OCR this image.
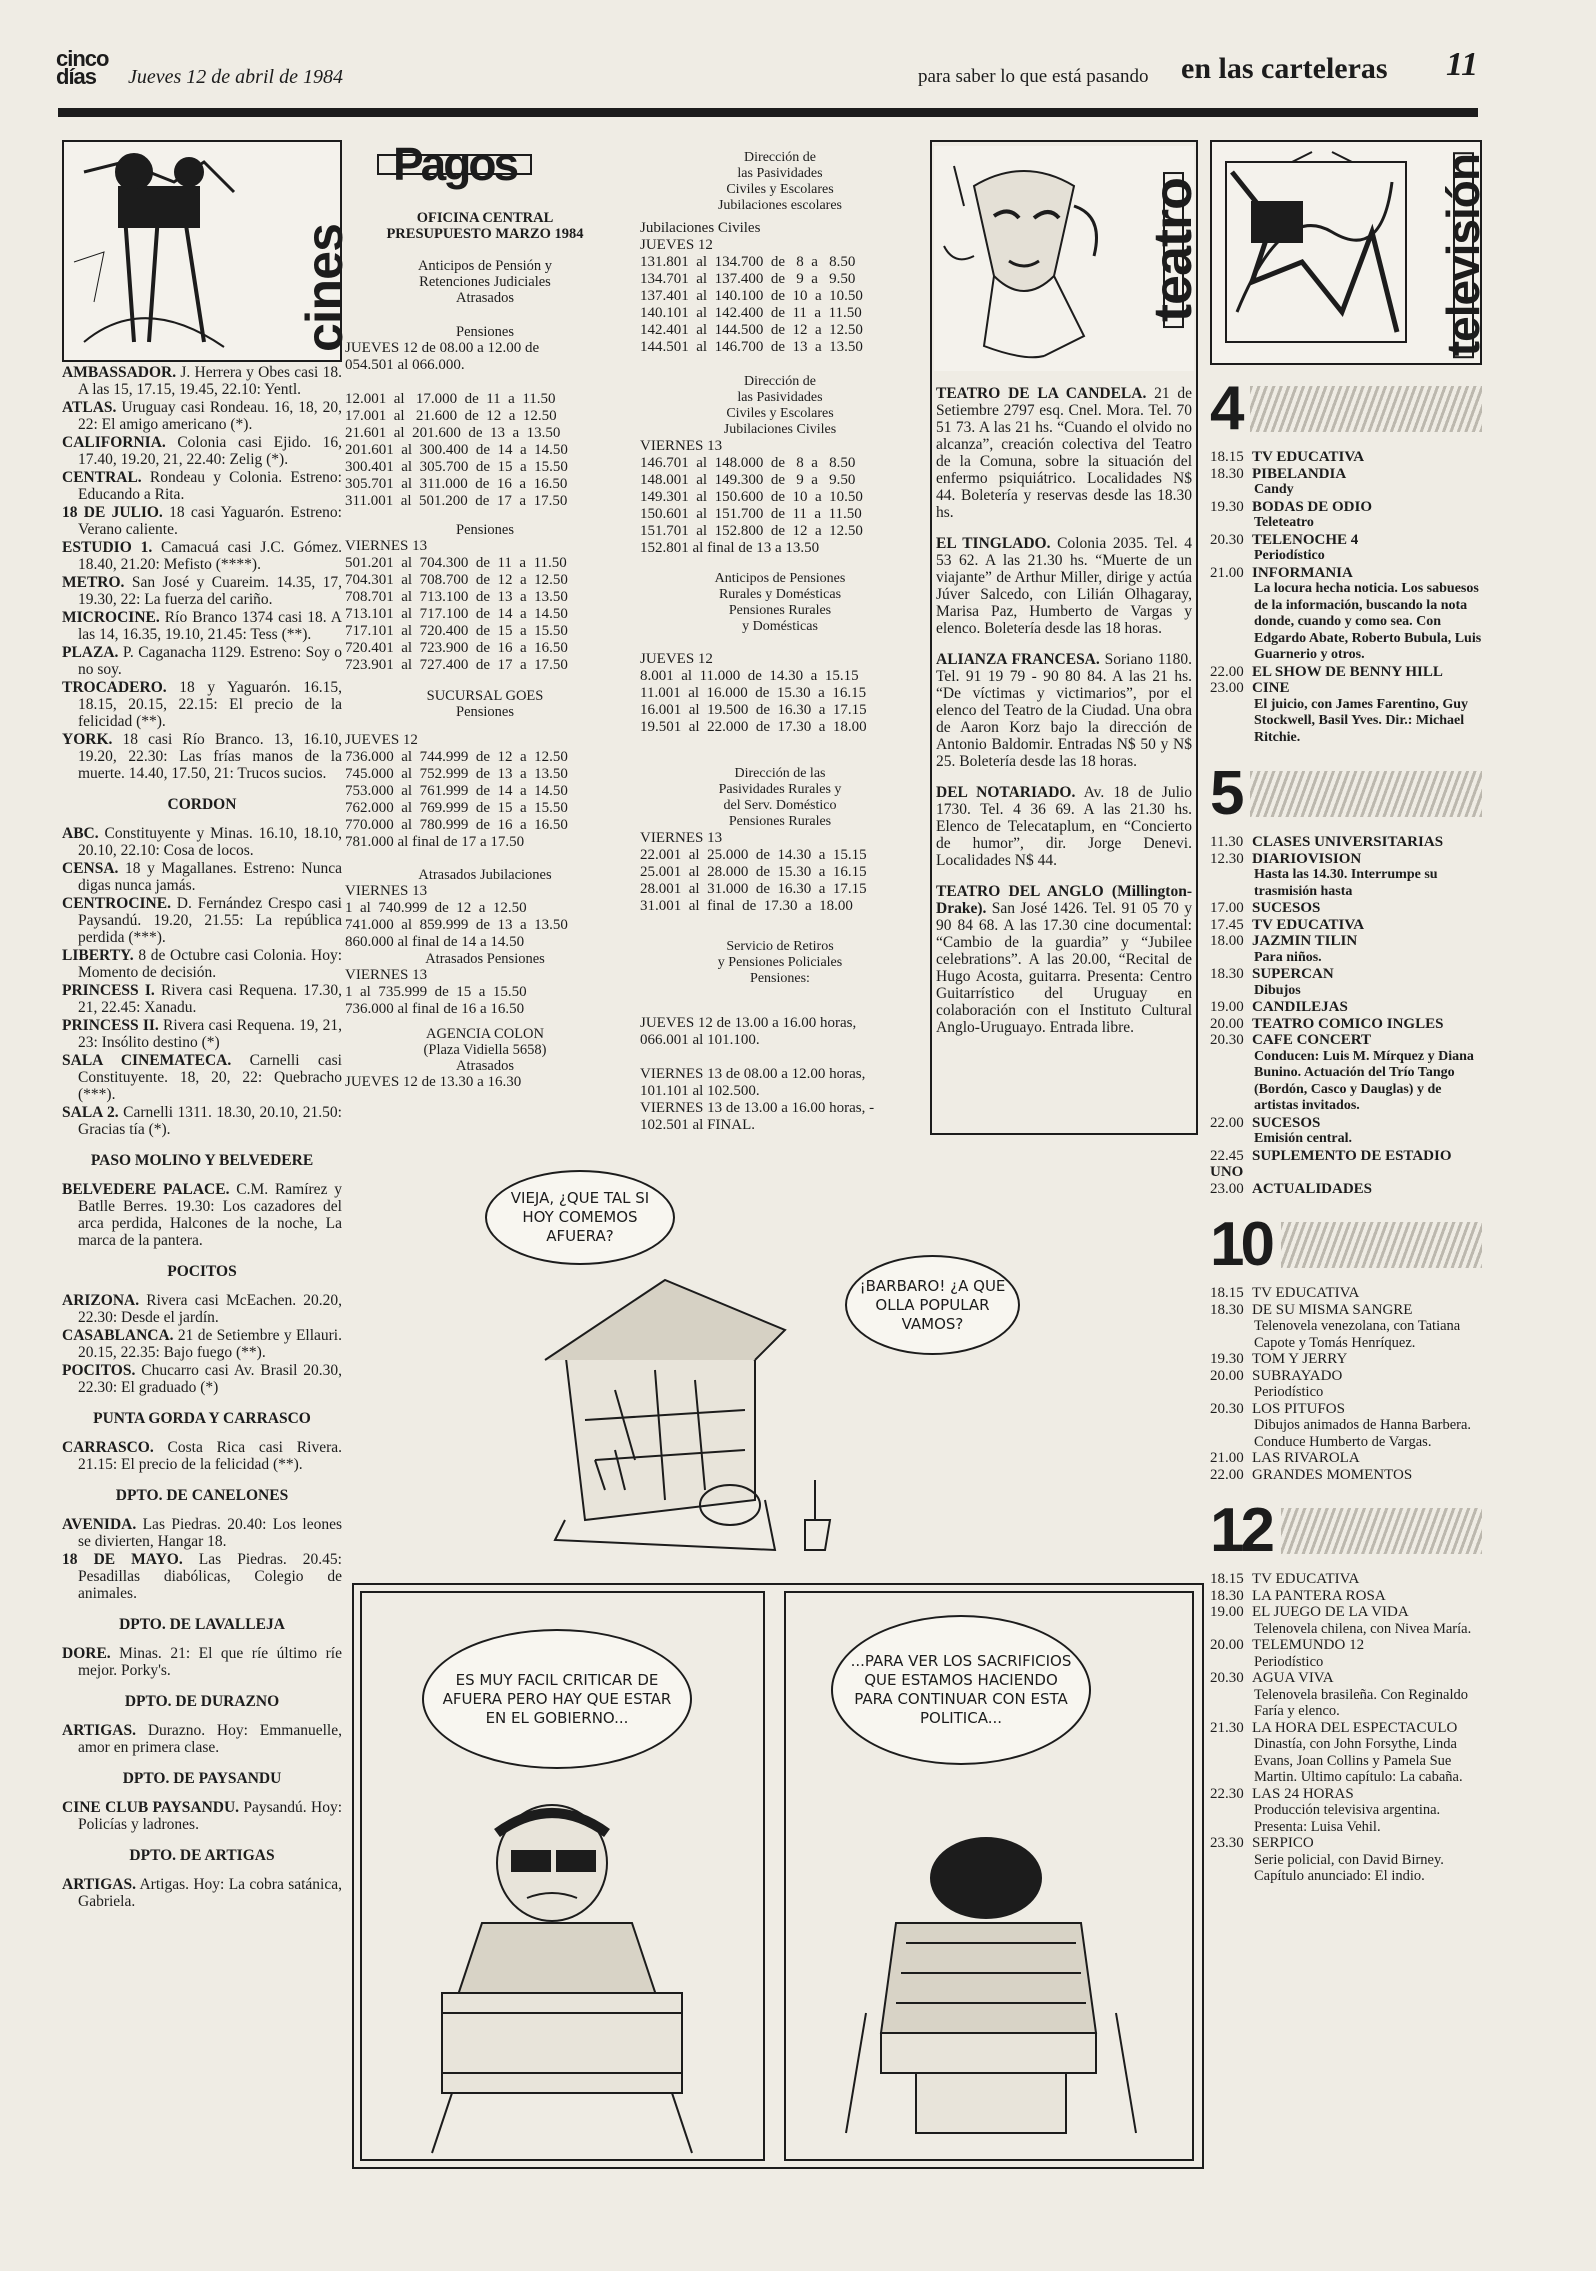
cinco
días	Jueves 12 de abril de 1984	para saber lo que está pasando en las carteleras 11
cines
AMBASSADOR. J. Herrera y Obes casi 18. A las 15, 17.15, 19.45, 22.10: Yentl.
ATLAS. Uruguay casi Rondeau. 16, 18, 20, 22: El amigo americano (*).
CALIFORNIA. Colonia casi Ejido. 16, 17.40, 19.20, 21, 22.40: Zelig (*).
CENTRAL. Rondeau y Colonia. Estreno: Educando a Rita.
18 DE JULIO. 18 casi Yaguarón. Estreno: Verano caliente.
ESTUDIO 1. Camacuá casi J.C. Gómez. 18.40, 21.20: Mefisto (****).
METRO. San José y Cuareim. 14.35, 17, 19.30, 22: La fuerza del cariño.
MICROCINE. Río Branco 1374 casi 18. A las 14, 16.35, 19.10, 21.45: Tess (**).
PLAZA. P. Caganacha 1129. Estreno: Soy o no soy.
TROCADERO. 18 y Yaguarón. 16.15, 18.15, 20.15, 22.15: El precio de la felicidad (**).
YORK. 18 casi Río Branco. 13, 16.10, 19.20, 22.30: Las frías manos de la muerte. 14.40, 17.50, 21: Trucos sucios.
CORDON
ABC. Constituyente y Minas. 16.10, 18.10, 20.10, 22.10: Cosa de locos.
CENSA. 18 y Magallanes. Estreno: Nunca digas nunca jamás.
CENTROCINE. D. Fernández Crespo casi Paysandú. 19.20, 21.55: La república perdida (***).
LIBERTY. 8 de Octubre casi Colonia. Hoy: Momento de decisión.
PRINCESS I. Rivera casi Requena. 17.30, 21, 22.45: Xanadu.
PRINCESS II. Rivera casi Requena. 19, 21, 23: Insólito destino (*)
SALA CINEMATECA. Carnelli casi Constituyente. 18, 20, 22: Quebracho (***).
SALA 2. Carnelli 1311. 18.30, 20.10, 21.50: Gracias tía (*).
PASO MOLINO Y BELVEDERE
BELVEDERE PALACE. C.M. Ramírez y Batlle Berres. 19.30: Los cazadores del arca perdida, Halcones de la noche, La marca de la pantera.
POCITOS
ARIZONA. Rivera casi McEachen. 20.20, 22.30: Desde el jardín.
CASABLANCA. 21 de Setiembre y Ellauri. 20.15, 22.35: Bajo fuego (**).
POCITOS. Chucarro casi Av. Brasil 20.30, 22.30: El graduado (*)
PUNTA GORDA Y CARRASCO
CARRASCO. Costa Rica casi Rivera. 21.15: El precio de la felicidad (**).
DPTO. DE CANELONES
AVENIDA. Las Piedras. 20.40: Los leones se divierten, Hangar 18.
18 DE MAYO. Las Piedras. 20.45: Pesadillas diabólicas, Colegio de animales.
DPTO. DE LAVALLEJA
DORE. Minas. 21: El que ríe último ríe mejor. Porky's.
DPTO. DE DURAZNO
ARTIGAS. Durazno. Hoy: Emmanuelle, amor en primera clase.
DPTO. DE PAYSANDU
CINE CLUB PAYSANDU. Paysandú. Hoy: Policías y ladrones.
DPTO. DE ARTIGAS
ARTIGAS. Artigas. Hoy: La cobra satánica, Gabriela.
Pagos
OFICINA CENTRAL
PRESUPUESTO MARZO 1984
Anticipos de Pensión y
Retenciones Judiciales
Atrasados
Pensiones
JUEVES 12 de 08.00 a 12.00 de
054.501 al 066.000.
12.001  al   17.000  de  11  a  11.50
17.001  al   21.600  de  12  a  12.50
21.601  al  201.600  de  13  a  13.50
201.601  al  300.400  de  14  a  14.50
300.401  al  305.700  de  15  a  15.50
305.701  al  311.000  de  16  a  16.50
311.001  al  501.200  de  17  a  17.50
Pensiones
VIERNES 13
501.201  al  704.300  de  11  a  11.50
704.301  al  708.700  de  12  a  12.50
708.701  al  713.100  de  13  a  13.50
713.101  al  717.100  de  14  a  14.50
717.101  al  720.400  de  15  a  15.50
720.401  al  723.900  de  16  a  16.50
723.901  al  727.400  de  17  a  17.50
SUCURSAL GOES
Pensiones
JUEVES 12
736.000  al  744.999  de  12  a  12.50
745.000  al  752.999  de  13  a  13.50
753.000  al  761.999  de  14  a  14.50
762.000  al  769.999  de  15  a  15.50
770.000  al  780.999  de  16  a  16.50
781.000 al final de 17 a 17.50
Atrasados Jubilaciones
VIERNES 13
1  al  740.999  de  12  a  12.50
741.000  al  859.999  de  13  a  13.50
860.000 al final de 14 a 14.50
Atrasados Pensiones
VIERNES 13
1  al  735.999  de  15  a  15.50
736.000 al final de 16 a 16.50
AGENCIA COLON
(Plaza Vidiella 5658)
Atrasados
JUEVES 12 de 13.30 a 16.30
Dirección de
las Pasividades
Civiles y Escolares
Jubilaciones escolares
Jubilaciones Civiles
JUEVES 12
131.801  al  134.700  de   8  a   8.50
134.701  al  137.400  de   9  a   9.50
137.401  al  140.100  de  10  a  10.50
140.101  al  142.400  de  11  a  11.50
142.401  al  144.500  de  12  a  12.50
144.501  al  146.700  de  13  a  13.50
Dirección de
las Pasividades
Civiles y Escolares
Jubilaciones Civiles
VIERNES 13
146.701  al  148.000  de   8  a   8.50
148.001  al  149.300  de   9  a   9.50
149.301  al  150.600  de  10  a  10.50
150.601  al  151.700  de  11  a  11.50
151.701  al  152.800  de  12  a  12.50
152.801 al final de 13 a 13.50
Anticipos de Pensiones
Rurales y Domésticas
Pensiones Rurales
y Domésticas
JUEVES 12
8.001  al  11.000  de  14.30  a  15.15
11.001  al  16.000  de  15.30  a  16.15
16.001  al  19.500  de  16.30  a  17.15
19.501  al  22.000  de  17.30  a  18.00
Dirección de las
Pasividades Rurales y
del Serv. Doméstico
Pensiones Rurales
VIERNES 13
22.001  al  25.000  de  14.30  a  15.15
25.001  al  28.000  de  15.30  a  16.15
28.001  al  31.000  de  16.30  a  17.15
31.001  al  final  de  17.30  a  18.00
Servicio de Retiros
y Pensiones Policiales
Pensiones:
JUEVES 12 de 13.00 a 16.00 horas,
066.001 al 101.100.
VIERNES 13 de 08.00 a 12.00 horas,
101.101 al 102.500.
VIERNES 13 de 13.00 a 16.00 horas, -
102.501 al FINAL.
teatro
TEATRO DE LA CANDELA. 21 de Setiembre 2797 esq. Cnel. Mora. Tel. 70 51 73. A las 21 hs. “Cuando el olvido no alcanza”, creación colectiva del Teatro de la Comuna, sobre la situación del enfermo psiquiátrico. Localidades N$ 44. Boletería y reservas desde las 18.30 hs.
EL TINGLADO. Colonia 2035. Tel. 4 53 62. A las 21.30 hs. “Muerte de un viajante” de Arthur Miller, dirige y actúa Júver Salcedo, con Lilián Olhagaray, Marisa Paz, Humberto de Vargas y elenco. Boletería desde las 18 horas.
ALIANZA FRANCESA. Soriano 1180. Tel. 91 19 79 - 90 80 84. A las 21 hs. “De víctimas y victimarios”, por el elenco del Teatro de la Ciudad. Una obra de Aaron Korz bajo la dirección de Antonio Baldomir. Entradas N$ 50 y N$ 25. Boletería desde las 18 horas.
DEL NOTARIADO. Av. 18 de Julio 1730. Tel. 4 36 69. A las 21.30 hs. Elenco de Telecataplum, en “Concierto de humor”, dir. Jorge Denevi. Localidades N$ 44.
TEATRO DEL ANGLO (Millington-Drake). San José 1426. Tel. 91 05 70 y 90 84 68. A las 17.30 cine documental: “Cambio de la guardia” y “Jubilee celebrations”. A las 20.00, “Recital de Hugo Acosta, guitarra. Presenta: Centro Guitarrístico del Uruguay en colaboración con el Instituto Cultural Anglo-Uruguayo. Entrada libre.
televisión
4
18.15 TV EDUCATIVA
18.30 PIBELANDIA
Candy
19.30 BODAS DE ODIO
Teleteatro
20.30 TELENOCHE 4
Periodístico
21.00 INFORMANIA
La locura hecha noticia. Los sabuesos de la información, buscando la nota donde, cuando y como sea. Con Edgardo Abate, Roberto Bubula, Luis Guarnerio y otros.
22.00 EL SHOW DE BENNY HILL
23.00 CINE
El juicio, con James Farentino, Guy Stockwell, Basil Yves. Dir.: Michael Ritchie.
5
11.30 CLASES UNIVERSITARIAS
12.30 DIARIOVISION
Hasta las 14.30. Interrumpe su trasmisión hasta
17.00 SUCESOS
17.45 TV EDUCATIVA
18.00 JAZMIN TILIN
Para niños.
18.30 SUPERCAN
Dibujos
19.00 CANDILEJAS
20.00 TEATRO COMICO INGLES
20.30 CAFE CONCERT
Conducen: Luis M. Mírquez y Diana Bunino. Actuación del Trío Tango (Bordón, Casco y Dauglas) y de artistas invitados.
22.00 SUCESOS
Emisión central.
22.45 SUPLEMENTO DE ESTADIO UNO
23.00 ACTUALIDADES
10
18.15 TV EDUCATIVA
18.30 DE SU MISMA SANGRE
Telenovela venezolana, con Tatiana Capote y Tomás Henríquez.
19.30 TOM Y JERRY
20.00 SUBRAYADO
Periodístico
20.30 LOS PITUFOS
Dibujos animados de Hanna Barbera. Conduce Humberto de Vargas.
21.00 LAS RIVAROLA
22.00 GRANDES MOMENTOS
12
18.15 TV EDUCATIVA
18.30 LA PANTERA ROSA
19.00 EL JUEGO DE LA VIDA
Telenovela chilena, con Nivea María.
20.00 TELEMUNDO 12
Periodístico
20.30 AGUA VIVA
Telenovela brasileña. Con Reginaldo Faría y elenco.
21.30 LA HORA DEL ESPECTACULO
Dinastía, con John Forsythe, Linda Evans, Joan Collins y Pamela Sue Martin. Ultimo capítulo: La cabaña.
22.30 LAS 24 HORAS
Producción televisiva argentina. Presenta: Luisa Vehil.
23.30 SERPICO
Serie policial, con David Birney. Capítulo anunciado: El indio.
VIEJA, ¿QUE TAL SI HOY COMEMOS AFUERA?
¡BARBARO! ¿A QUE OLLA POPULAR VAMOS?
ES MUY FACIL CRITICAR DE AFUERA PERO HAY QUE ESTAR EN EL GOBIERNO...
...PARA VER LOS SACRIFICIOS QUE ESTAMOS HACIENDO PARA CONTINUAR CON ESTA POLITICA...
